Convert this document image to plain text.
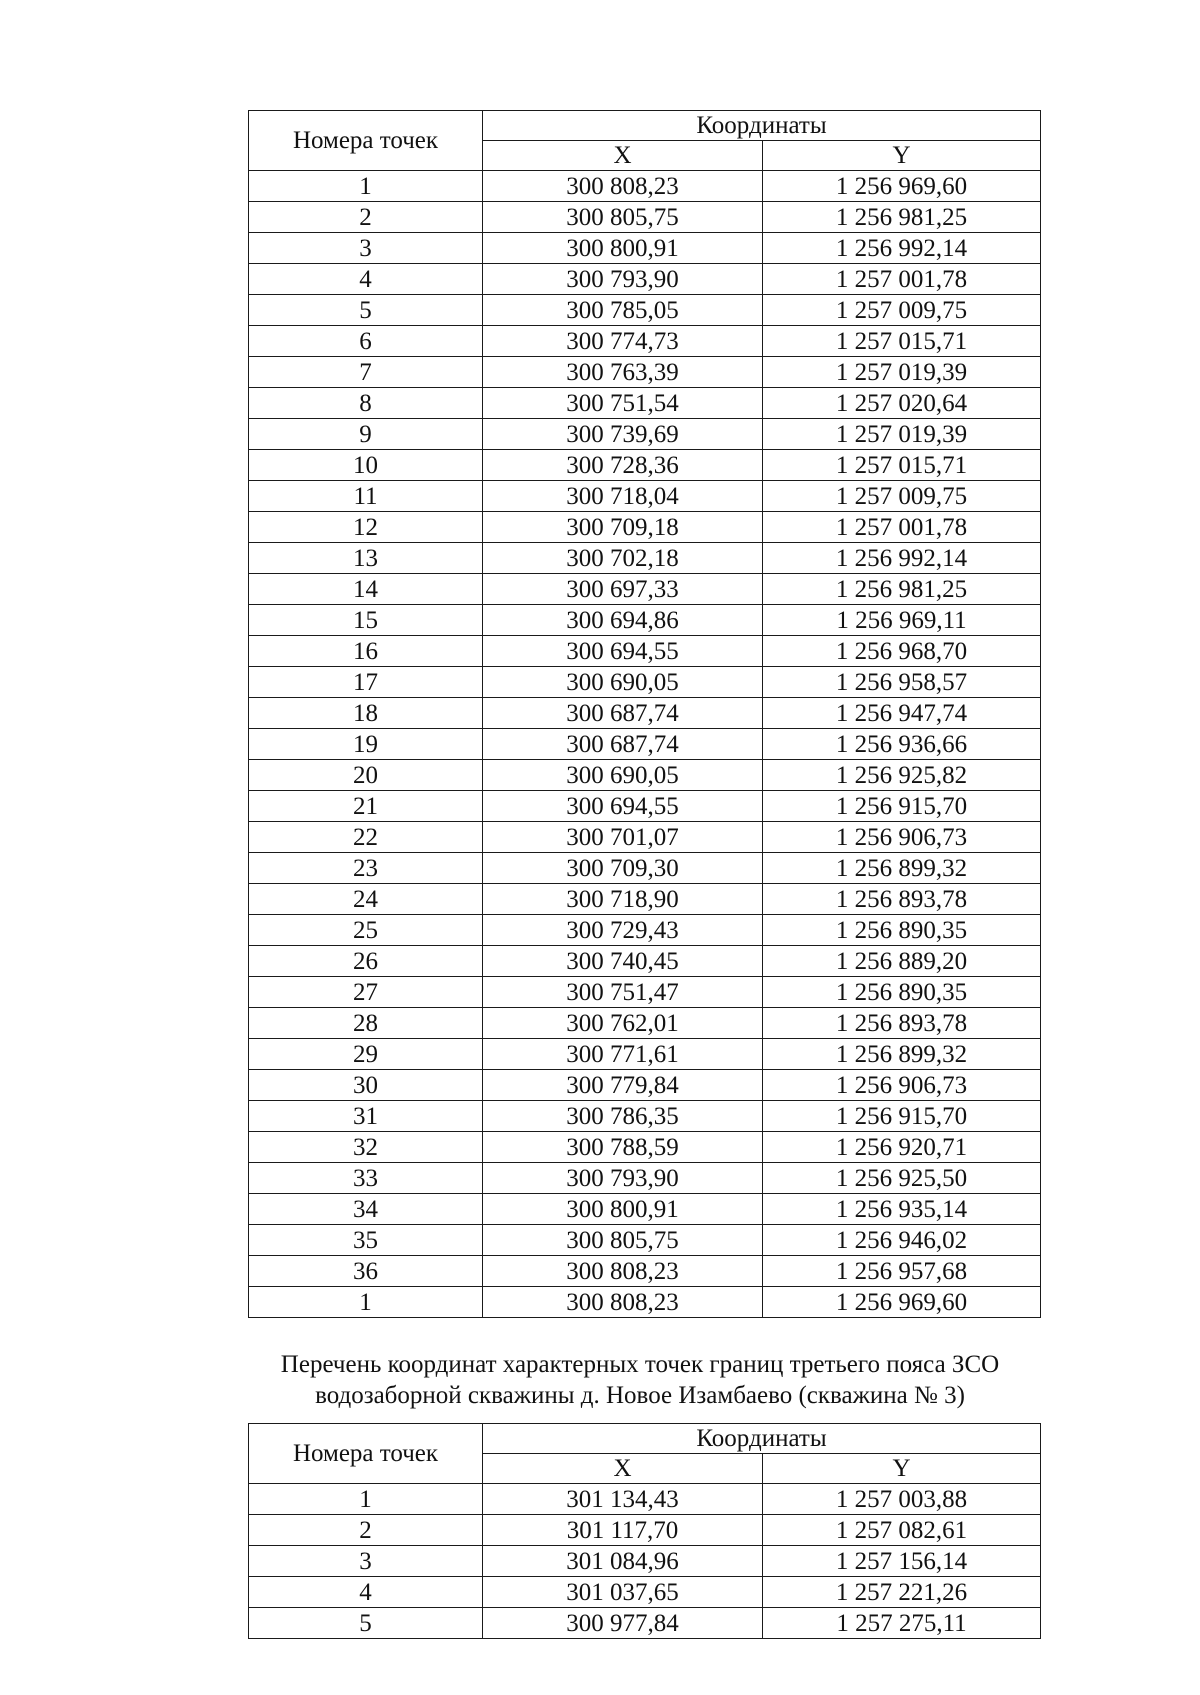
Номера точек	Координаты	
	X	Y
1	300 808,23	1 256 969,60
2	300 805,75	1 256 981,25
3	300 800,91	1 256 992,14
4	300 793,90	1 257 001,78
5	300 785,05	1 257 009,75
6	300 774,73	1 257 015,71
7	300 763,39	1 257 019,39
8	300 751,54	1 257 020,64
9	300 739,69	1 257 019,39
10	300 728,36	1 257 015,71
11	300 718,04	1 257 009,75
12	300 709,18	1 257 001,78
13	300 702,18	1 256 992,14
14	300 697,33	1 256 981,25
15	300 694,86	1 256 969,11
16	300 694,55	1 256 968,70
17	300 690,05	1 256 958,57
18	300 687,74	1 256 947,74
19	300 687,74	1 256 936,66
20	300 690,05	1 256 925,82
21	300 694,55	1 256 915,70
22	300 701,07	1 256 906,73
23	300 709,30	1 256 899,32
24	300 718,90	1 256 893,78
25	300 729,43	1 256 890,35
26	300 740,45	1 256 889,20
27	300 751,47	1 256 890,35
28	300 762,01	1 256 893,78
29	300 771,61	1 256 899,32
30	300 779,84	1 256 906,73
31	300 786,35	1 256 915,70
32	300 788,59	1 256 920,71
33	300 793,90	1 256 925,50
34	300 800,91	1 256 935,14
35	300 805,75	1 256 946,02
36	300 808,23	1 256 957,68
1	300 808,23	1 256 969,60
Перечень координат характерных точек границ третьего пояса ЗСО
водозаборной скважины д. Новое Изамбаево (скважина № 3)
Номера точек	Координаты	
	X	Y
1	301 134,43	1 257 003,88
2	301 117,70	1 257 082,61
3	301 084,96	1 257 156,14
4	301 037,65	1 257 221,26
5	300 977,84	1 257 275,11
